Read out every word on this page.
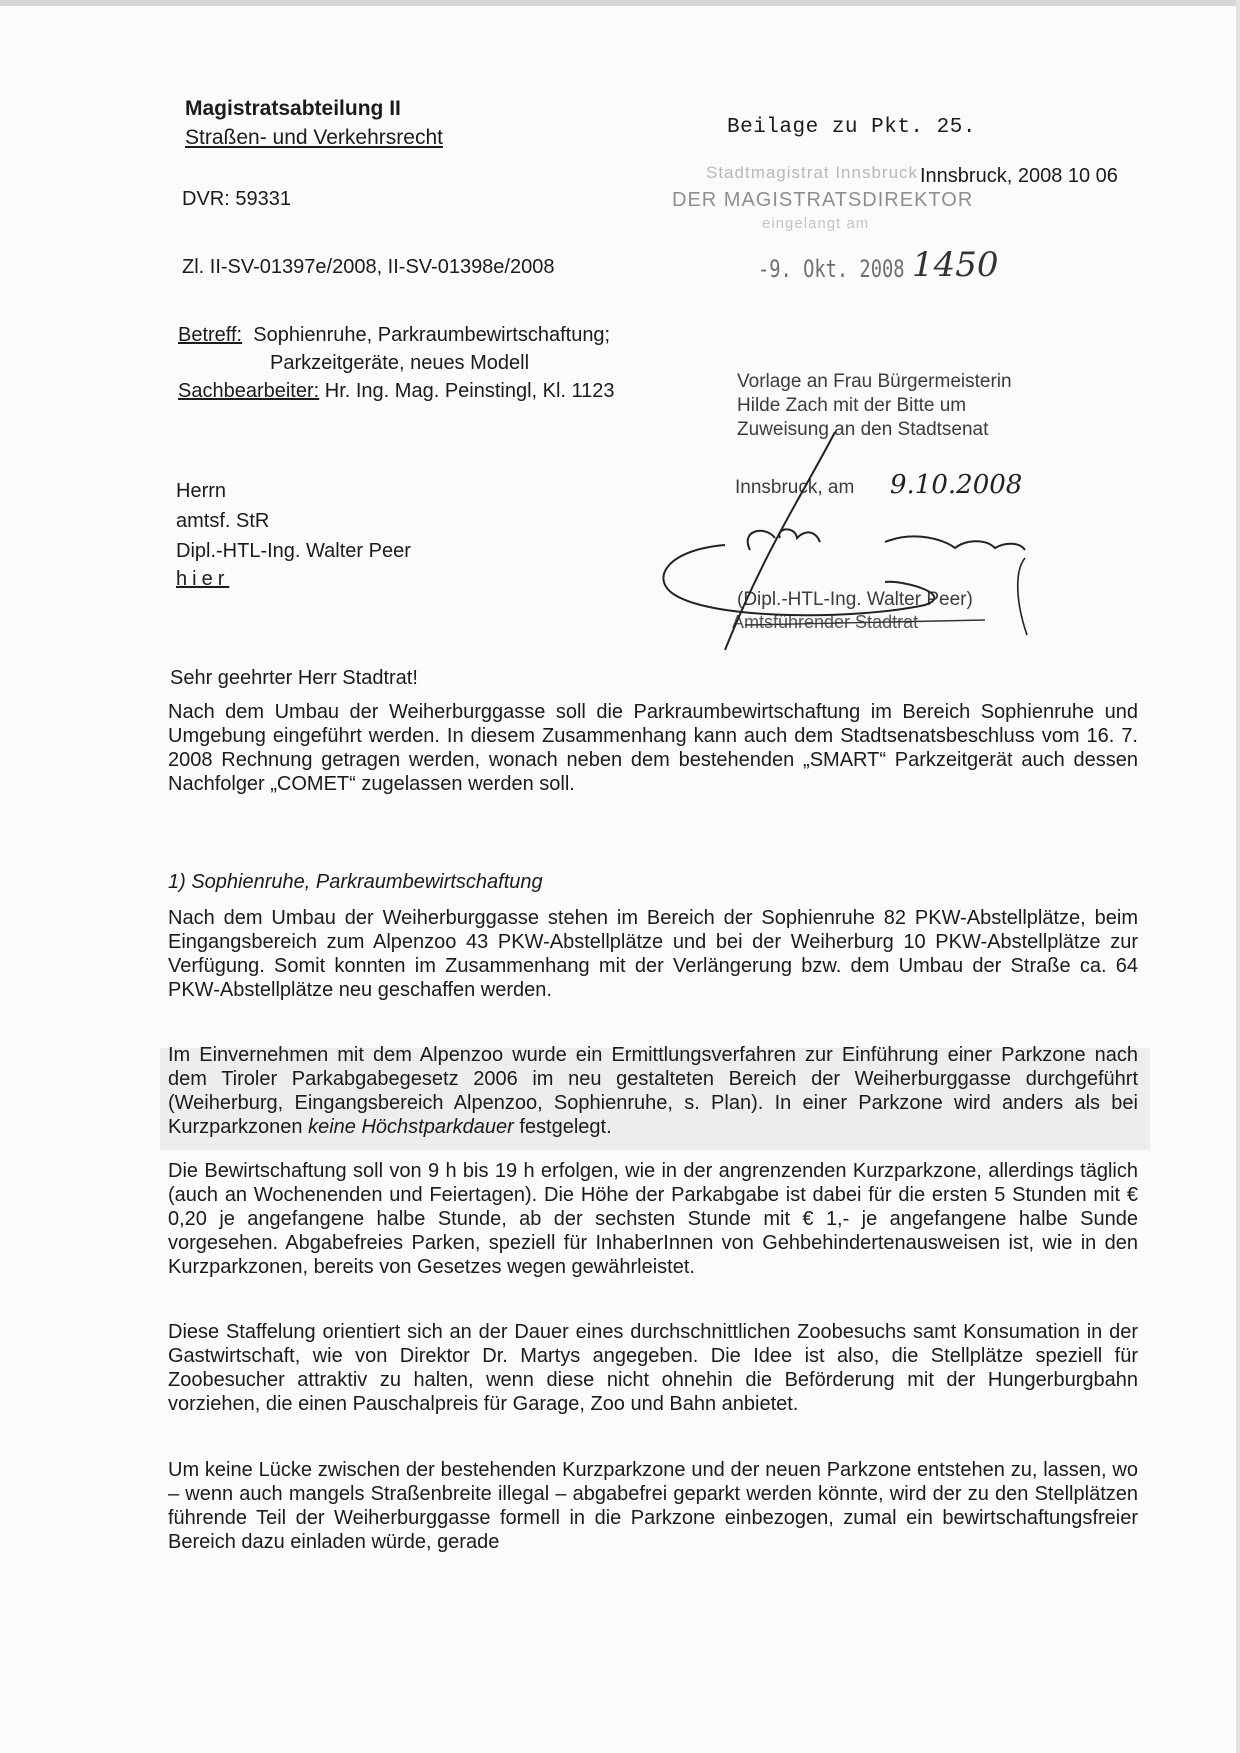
Magistratsabteilung II
Straßen- und Verkehrsrecht	Beilage zu Pkt. 25.
Stadtmagistrat Innsbruck
DER MAGISTRATSDIREKTOR
eingelangt am
Innsbruck, 2008 10 06
-9. Okt. 2008 1450
DVR: 59331
Zl. II-SV-01397e/2008, II-SV-01398e/2008
Betreff: Sophienruhe, Parkraumbewirtschaftung;
Parkzeitgeräte, neues Modell
Sachbearbeiter: Hr. Ing. Mag. Peinstingl, Kl. 1123
Herrn
amtsf. StR
Dipl.-HTL-Ing. Walter Peer
hier
Vorlage an Frau Bürgermeisterin
Hilde Zach mit der Bitte um
Zuweisung an den Stadtsenat
Innsbruck, am 9.10.2008
(Dipl.-HTL-Ing. Walter Peer)
Amtsführender Stadtrat
Sehr geehrter Herr Stadtrat!
Nach dem Umbau der Weiherburggasse soll die Parkraumbewirtschaftung im Bereich Sophienruhe und Umgebung eingeführt werden. In diesem Zusammenhang kann auch dem Stadtsenatsbeschluss vom 16. 7. 2008 Rechnung getragen werden, wonach neben dem bestehenden „SMART“ Parkzeitgerät auch dessen Nachfolger „COMET“ zugelassen werden soll.
1) Sophienruhe, Parkraumbewirtschaftung
Nach dem Umbau der Weiherburggasse stehen im Bereich der Sophienruhe 82 PKW-Abstellplätze, beim Eingangsbereich zum Alpenzoo 43 PKW-Abstellplätze und bei der Weiherburg 10 PKW-Abstellplätze zur Verfügung. Somit konnten im Zusammenhang mit der Verlängerung bzw. dem Umbau der Straße ca. 64 PKW-Abstellplätze neu geschaffen werden.
Im Einvernehmen mit dem Alpenzoo wurde ein Ermittlungsverfahren zur Einführung einer Parkzone nach dem Tiroler Parkabgabegesetz 2006 im neu gestalteten Bereich der Weiherburggasse durchgeführt (Weiherburg, Eingangsbereich Alpenzoo, Sophienruhe, s. Plan). In einer Parkzone wird anders als bei Kurzparkzonen keine Höchstparkdauer festgelegt.
Die Bewirtschaftung soll von 9 h bis 19 h erfolgen, wie in der angrenzenden Kurzparkzone, allerdings täglich (auch an Wochenenden und Feiertagen). Die Höhe der Parkabgabe ist dabei für die ersten 5 Stunden mit € 0,20 je angefangene halbe Stunde, ab der sechsten Stunde mit € 1,- je angefangene halbe Sunde vorgesehen. Abgabefreies Parken, speziell für InhaberInnen von Gehbehindertenausweisen ist, wie in den Kurzparkzonen, bereits von Gesetzes wegen gewährleistet.
Diese Staffelung orientiert sich an der Dauer eines durchschnittlichen Zoobesuchs samt Konsumation in der Gastwirtschaft, wie von Direktor Dr. Martys angegeben. Die Idee ist also, die Stellplätze speziell für Zoobesucher attraktiv zu halten, wenn diese nicht ohnehin die Beförderung mit der Hungerburgbahn vorziehen, die einen Pauschalpreis für Garage, Zoo und Bahn anbietet.
Um keine Lücke zwischen der bestehenden Kurzparkzone und der neuen Parkzone entstehen zu, lassen, wo – wenn auch mangels Straßenbreite illegal – abgabefrei geparkt werden könnte, wird der zu den Stellplätzen führende Teil der Weiherburggasse formell in die Parkzone einbezogen, zumal ein bewirtschaftungsfreier Bereich dazu einladen würde, gerade
